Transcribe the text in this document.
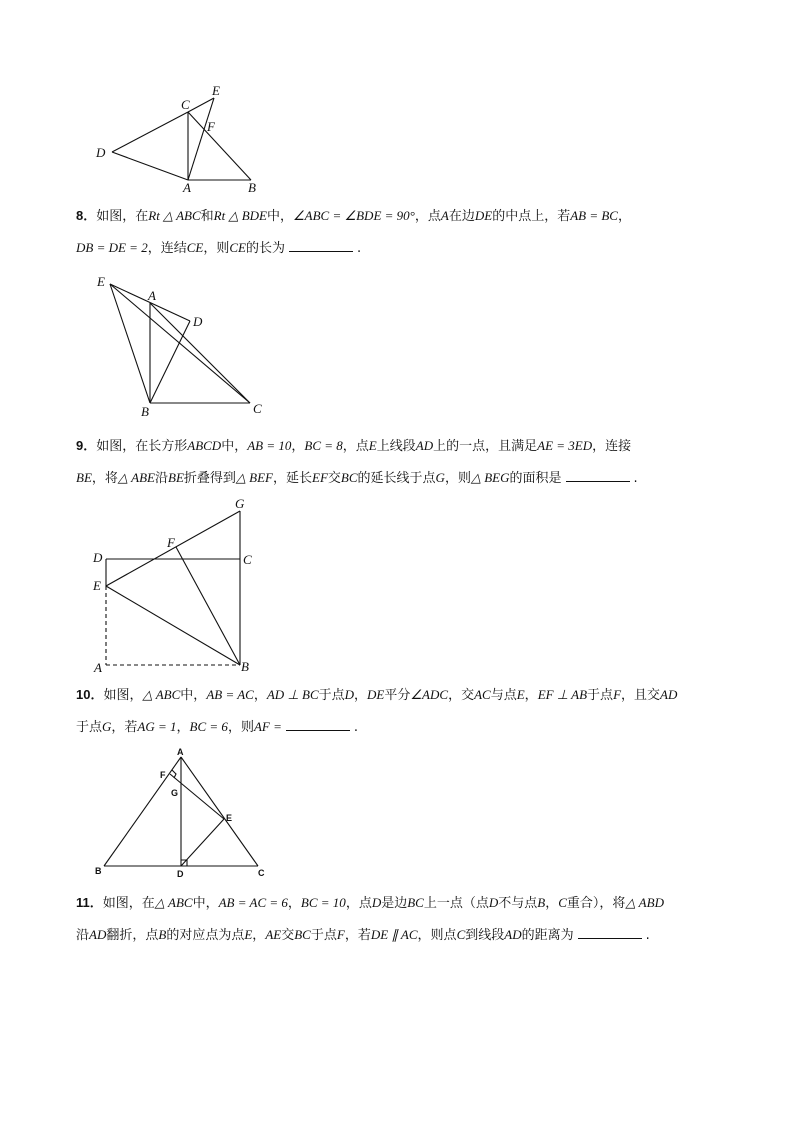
C
E
F
D
A	B
8．如图，在Rt △ ABC和Rt △ BDE中，∠ABC = ∠BDE = 90°，点A在边DE的中点上，若AB = BC，
DB = DE = 2，连结CE，则CE的长为	.
E
A
D
B	C
9．如图，在长方形ABCD中，AB = 10，BC = 8，点E上线段AD上的一点，且满足AE = 3ED，连接
BE，将△ ABE沿BE折叠得到△ BEF，延长EF交BC的延长线于点G，则△ BEG的面积是	.
G
D
F
C
E
A	B
10．如图，△ ABC中，AB = AC，AD ⊥ BC于点D，DE平分∠ADC，交AC与点E，EF ⊥ AB于点F，且交AD
于点G，若AG = 1，BC = 6，则AF =	.
A
F
G
E
B	D	C
11．如图，在△ ABC中，AB = AC = 6，BC = 10，点D是边BC上一点（点D不与点B，C重合），将△ ABD
沿AD翻折，点B的对应点为点E，AE交BC于点F，若DE ∥ AC，则点C到线段AD的距离为	.
